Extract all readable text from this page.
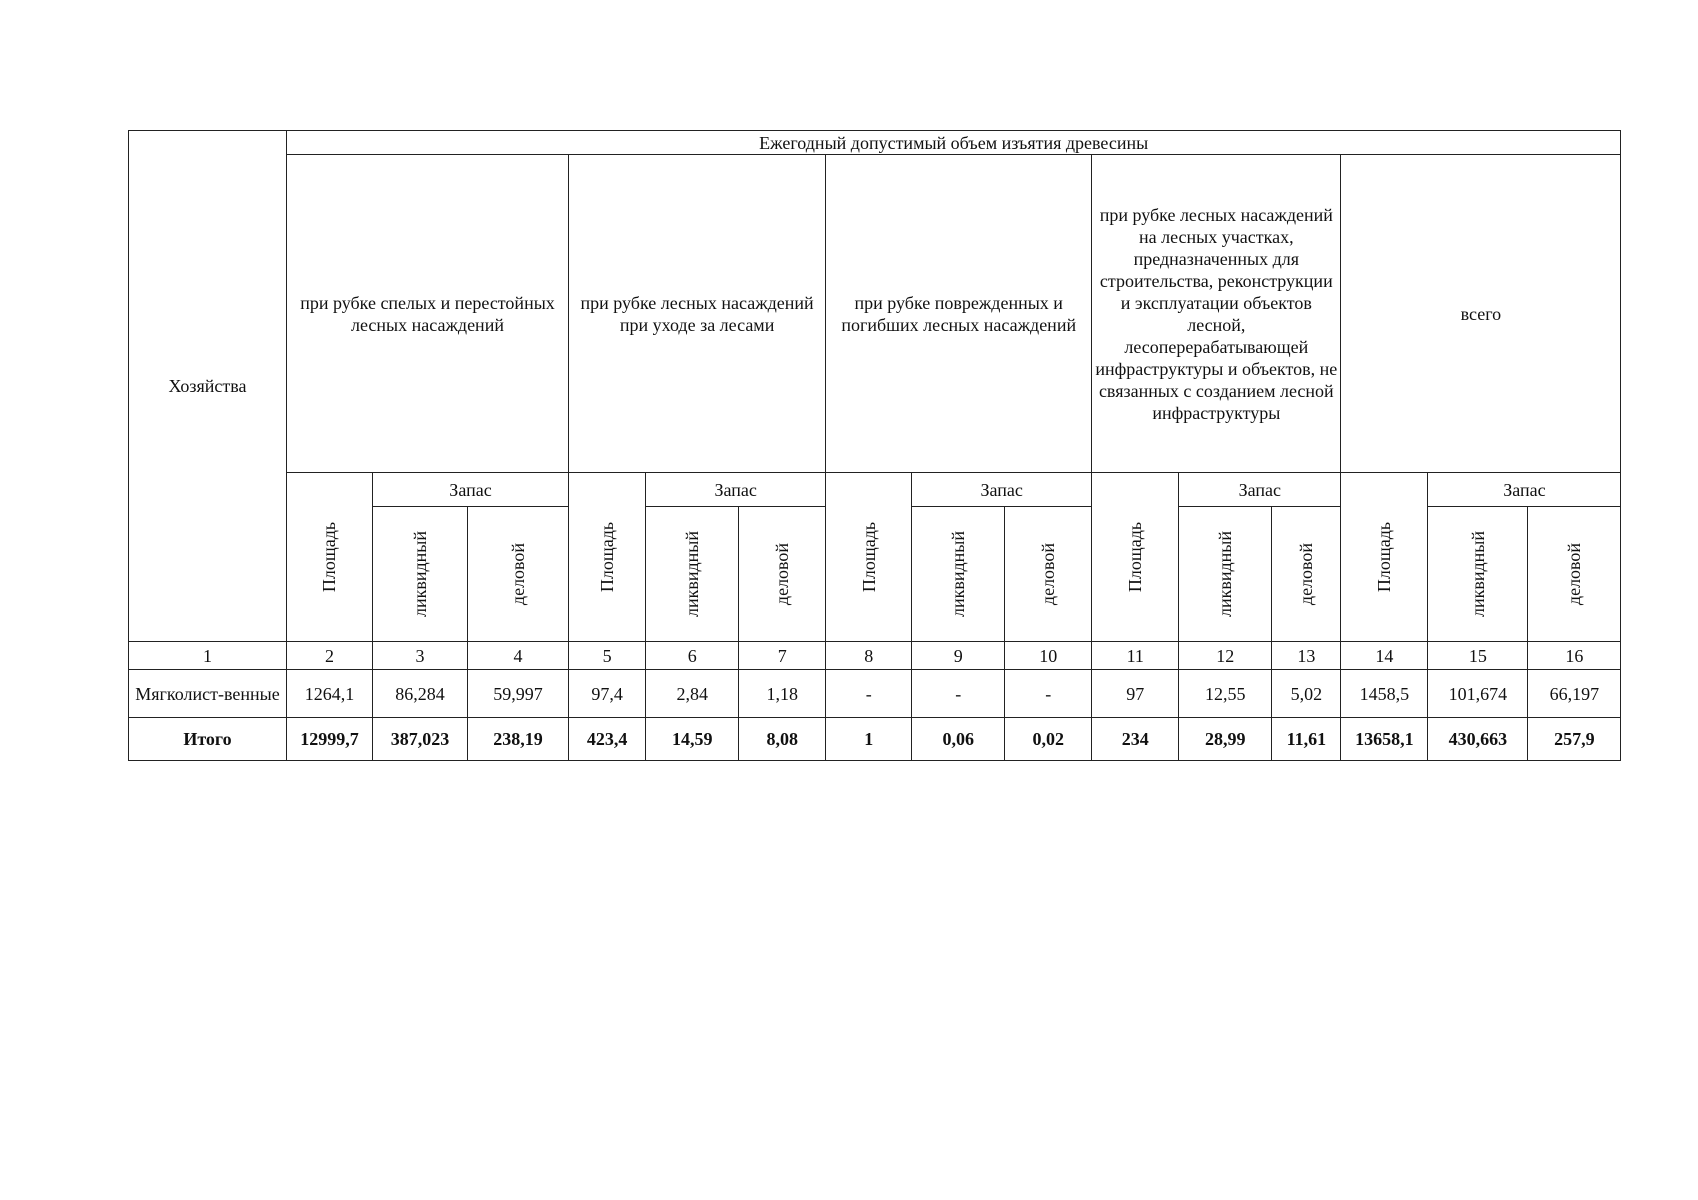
Хозяйства	Ежегодный допустимый объем изъятия древесины														

	при рубке спелых и перестойных лесных насаждений			при рубке лесных насаждений при уходе за лесами			при рубке поврежденных и погибших лесных насаждений			при рубке лесных насаждений на лесных участках, предназначенных для строительства, реконструкции и эксплуатации объектов лесной, лесоперерабатывающей инфраструктуры и объектов, не связанных с созданием лесной инфраструктуры			всего		

	Площадь	Запас		Площадь	Запас		Площадь	Запас		Площадь	Запас		Площадь	Запас	

		ликвидный	деловой		ликвидный	деловой		ликвидный	деловой		ликвидный	деловой		ликвидный	деловой

1	2	3	4	5	6	7	8	9	10	11	12	13	14	15	16
Мягколист-венные	1264,1	86,284	59,997	97,4	2,84	1,18	-	-	-	97	12,55	5,02	1458,5	101,674	66,197
Итого	12999,7	387,023	238,19	423,4	14,59	8,08	1	0,06	0,02	234	28,99	11,61	13658,1	430,663	257,9
